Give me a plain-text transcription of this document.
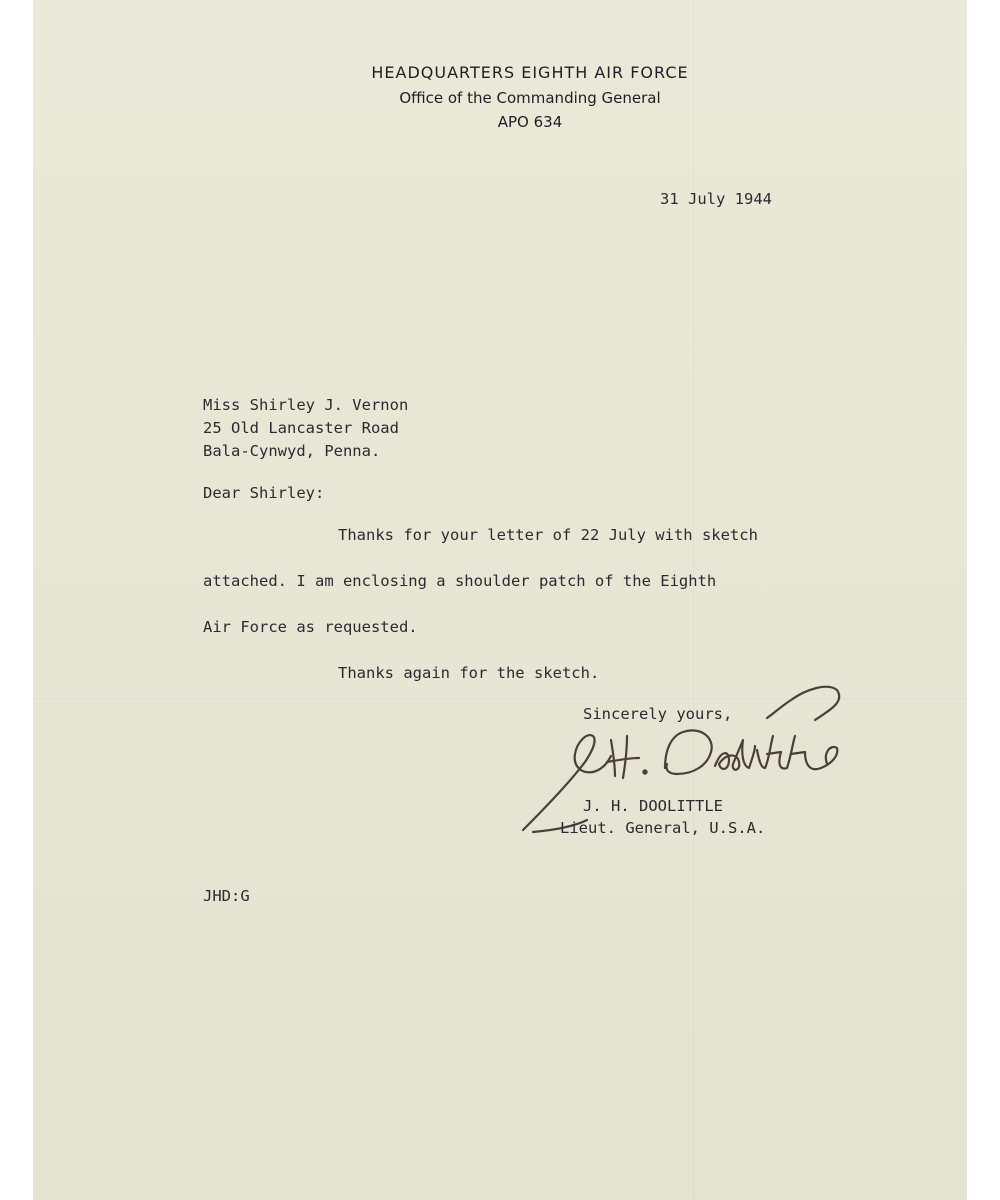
HEADQUARTERS EIGHTH AIR FORCE
Office of the Commanding General
APO 634
31 July 1944
Miss Shirley J. Vernon
25 Old Lancaster Road
Bala-Cynwyd, Penna.
Dear Shirley:
Thanks for your letter of 22 July with sketch
attached. I am enclosing a shoulder patch of the Eighth
Air Force as requested.
Thanks again for the sketch.
Sincerely yours,
J. H. DOOLITTLE
Lieut. General, U.S.A.
JHD:G
